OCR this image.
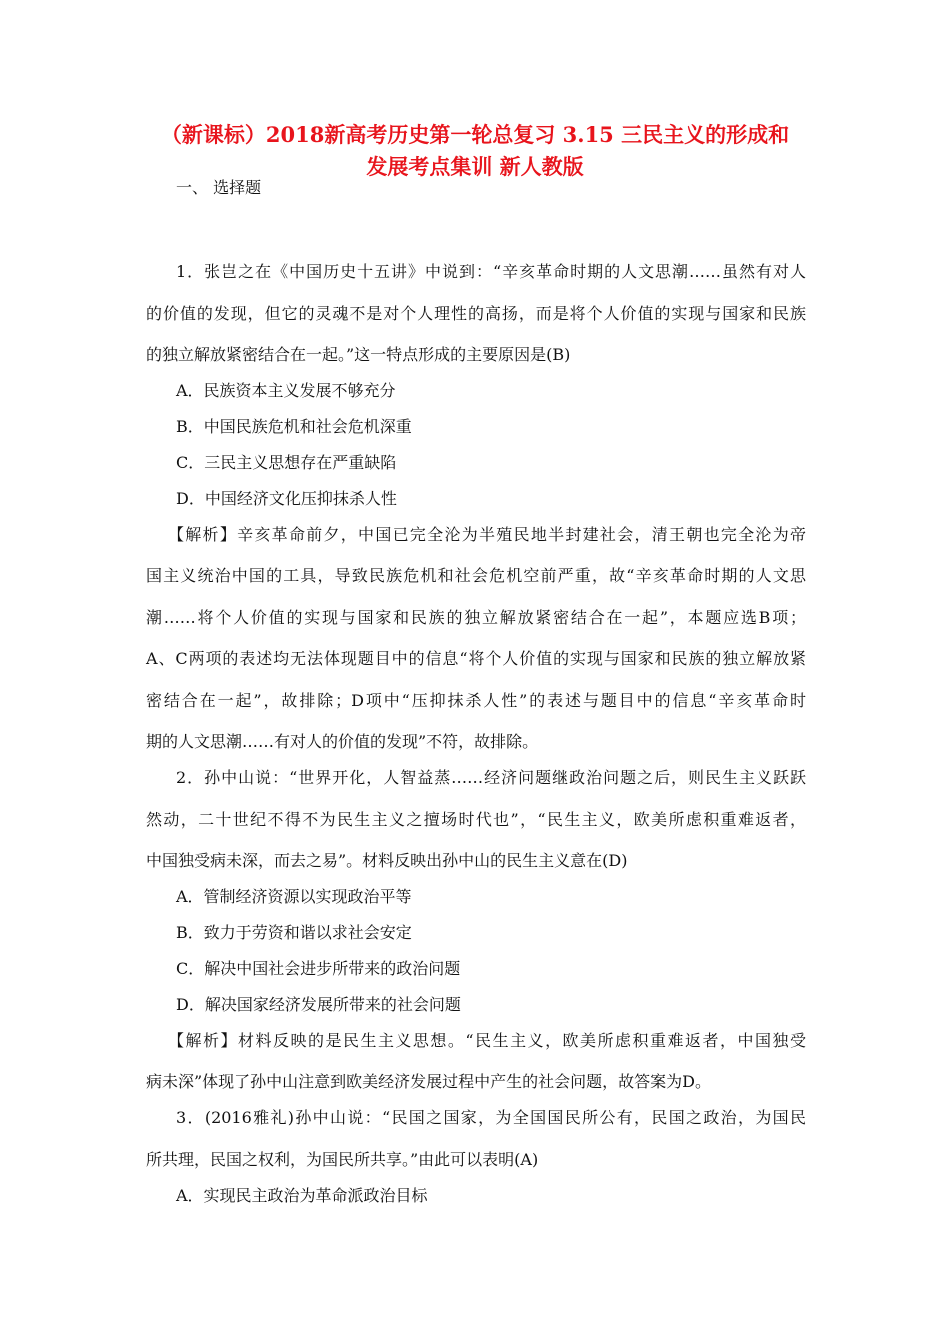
（新课标）2018新高考历史第一轮总复习 3.15 三民主义的形成和
发展考点集训 新人教版
一、 选择题
1．张岂之在《中国历史十五讲》中说到：“辛亥革命时期的人文思潮……虽然有对人
的价值的发现，但它的灵魂不是对个人理性的高扬，而是将个人价值的实现与国家和民族
的独立解放紧密结合在一起。”这一特点形成的主要原因是(B)
A．民族资本主义发展不够充分
B．中国民族危机和社会危机深重
C．三民主义思想存在严重缺陷
D．中国经济文化压抑抹杀人性
【解析】辛亥革命前夕，中国已完全沦为半殖民地半封建社会，清王朝也完全沦为帝
国主义统治中国的工具，导致民族危机和社会危机空前严重，故“辛亥革命时期的人文思
潮……将个人价值的实现与国家和民族的独立解放紧密结合在一起”，本题应选B项；
A、C两项的表述均无法体现题目中的信息“将个人价值的实现与国家和民族的独立解放紧
密结合在一起”，故排除；D项中“压抑抹杀人性”的表述与题目中的信息“辛亥革命时
期的人文思潮……有对人的价值的发现”不符，故排除。
2．孙中山说：“世界开化，人智益蒸……经济问题继政治问题之后，则民生主义跃跃
然动，二十世纪不得不为民生主义之擅场时代也”，“民生主义，欧美所虑积重难返者，
中国独受病未深，而去之易”。材料反映出孙中山的民生主义意在(D)
A．管制经济资源以实现政治平等
B．致力于劳资和谐以求社会安定
C．解决中国社会进步所带来的政治问题
D．解决国家经济发展所带来的社会问题
【解析】材料反映的是民生主义思想。“民生主义，欧美所虑积重难返者，中国独受
病未深”体现了孙中山注意到欧美经济发展过程中产生的社会问题，故答案为D。
3．(2016雅礼)孙中山说：“民国之国家，为全国国民所公有，民国之政治，为国民
所共理，民国之权利，为国民所共享。”由此可以表明(A)
A．实现民主政治为革命派政治目标
